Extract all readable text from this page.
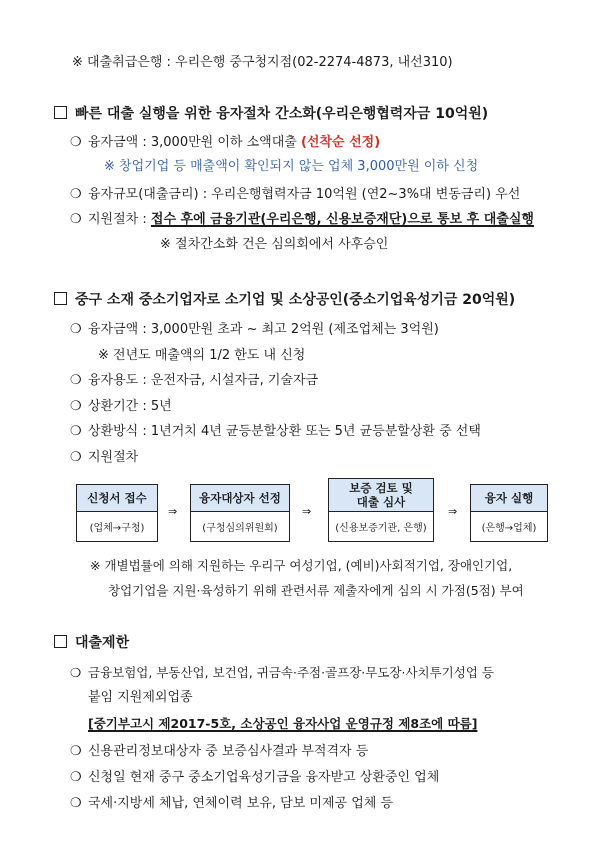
※ 대출취급은행 : 우리은행 중구청지점(02-2274-4873, 내선310)
빠른 대출 실행을 위한 융자절차 간소화(우리은행협력자금 10억원)
❍ 융자금액 : 3,000만원 이하 소액대출 (선착순 선정)
※ 창업기업 등 매출액이 확인되지 않는 업체 3,000만원 이하 신청
❍ 융자규모(대출금리) : 우리은행협력자금 10억원 (연2~3%대 변동금리) 우선
❍ 지원절차 : 접수 후에 금융기관(우리은행, 신용보증재단)으로 통보 후 대출실행
※ 절차간소화 건은 심의회에서 사후승인
중구 소재 중소기업자로 소기업 및 소상공인(중소기업육성기금 20억원)
❍ 융자금액 : 3,000만원 초과 ~ 최고 2억원 (제조업체는 3억원)
※ 전년도 매출액의 1/2 한도 내 신청
❍ 융자용도 : 운전자금, 시설자금, 기술자금
❍ 상환기간 : 5년
❍ 상환방식 : 1년거치 4년 균등분할상환 또는 5년 균등분할상환 중 선택
❍ 지원절차
신청서 접수
(업체→구청)
⇒
융자대상자 선정
(구청심의위원회)
⇒
보증 검토 및 대출 심사
(신용보증기관, 은행)
⇒
융자 실행
(은행→업체)
※ 개별법률에 의해 지원하는 우리구 여성기업, (예비)사회적기업, 장애인기업,
창업기업을 지원·육성하기 위해 관련서류 제출자에게 심의 시 가점(5점) 부여
대출제한
❍ 금융보험업, 부동산업, 보건업, 귀금속·주점·골프장·무도장·사치투기성업 등
붙임 지원제외업종
[중기부고시 제2017-5호, 소상공인 융자사업 운영규정 제8조에 따름]
❍ 신용관리정보대상자 중 보증심사결과 부적격자 등
❍ 신청일 현재 중구 중소기업육성기금을 융자받고 상환중인 업체
❍ 국세·지방세 체납, 연체이력 보유, 담보 미제공 업체 등
